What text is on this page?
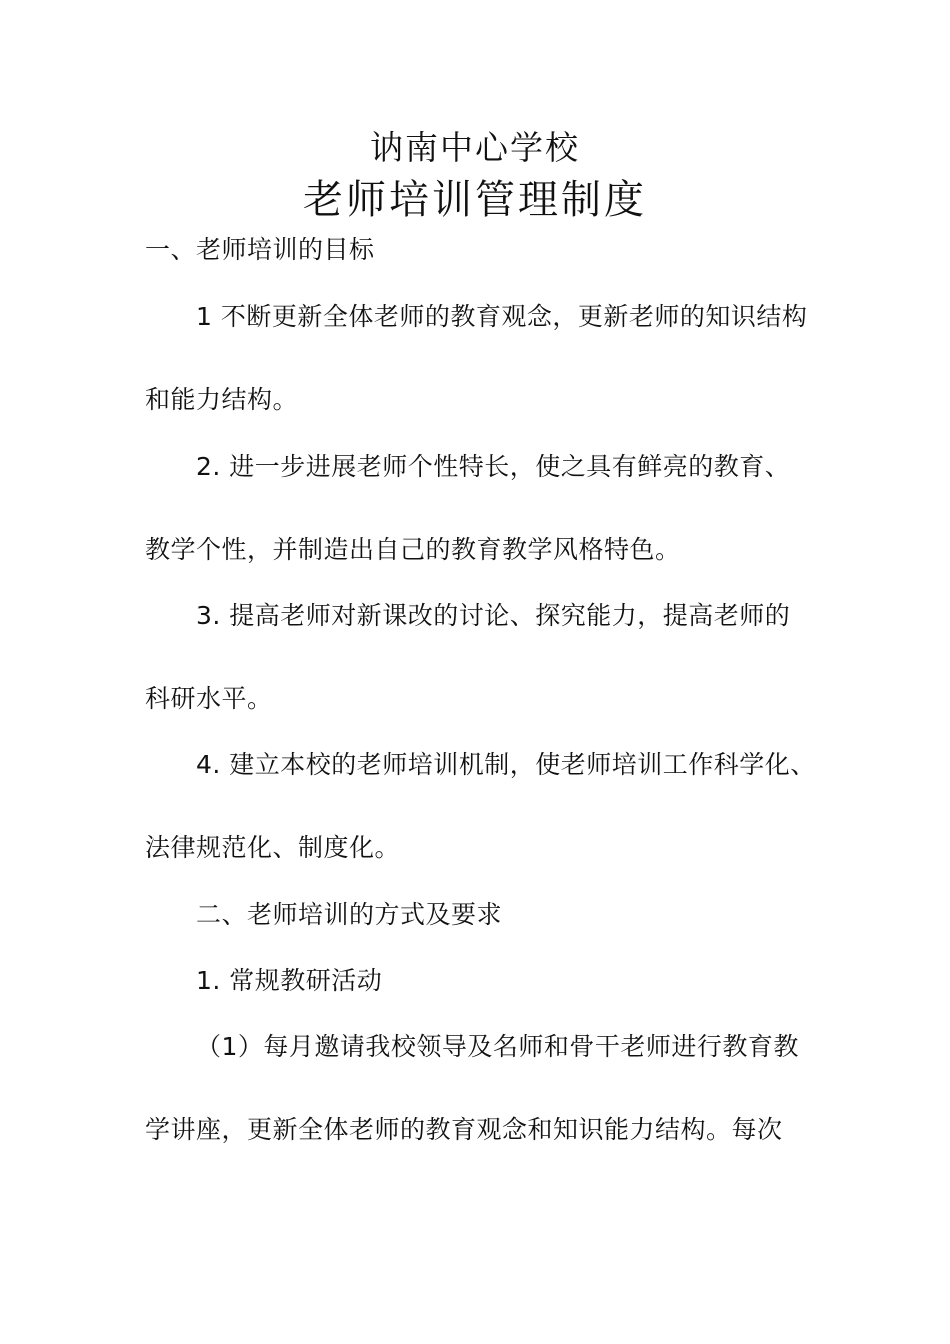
讷南中心学校
老师培训管理制度
一、老师培训的目标
1 不断更新全体老师的教育观念，更新老师的知识结构
和能力结构。
2. 进一步进展老师个性特长，使之具有鲜亮的教育、
教学个性，并制造出自己的教育教学风格特色。
3. 提高老师对新课改的讨论、探究能力，提高老师的
科研水平。
4. 建立本校的老师培训机制，使老师培训工作科学化、
法律规范化、制度化。
二、老师培训的方式及要求
1. 常规教研活动
（1）每月邀请我校领导及名师和骨干老师进行教育教
学讲座，更新全体老师的教育观念和知识能力结构。每次
